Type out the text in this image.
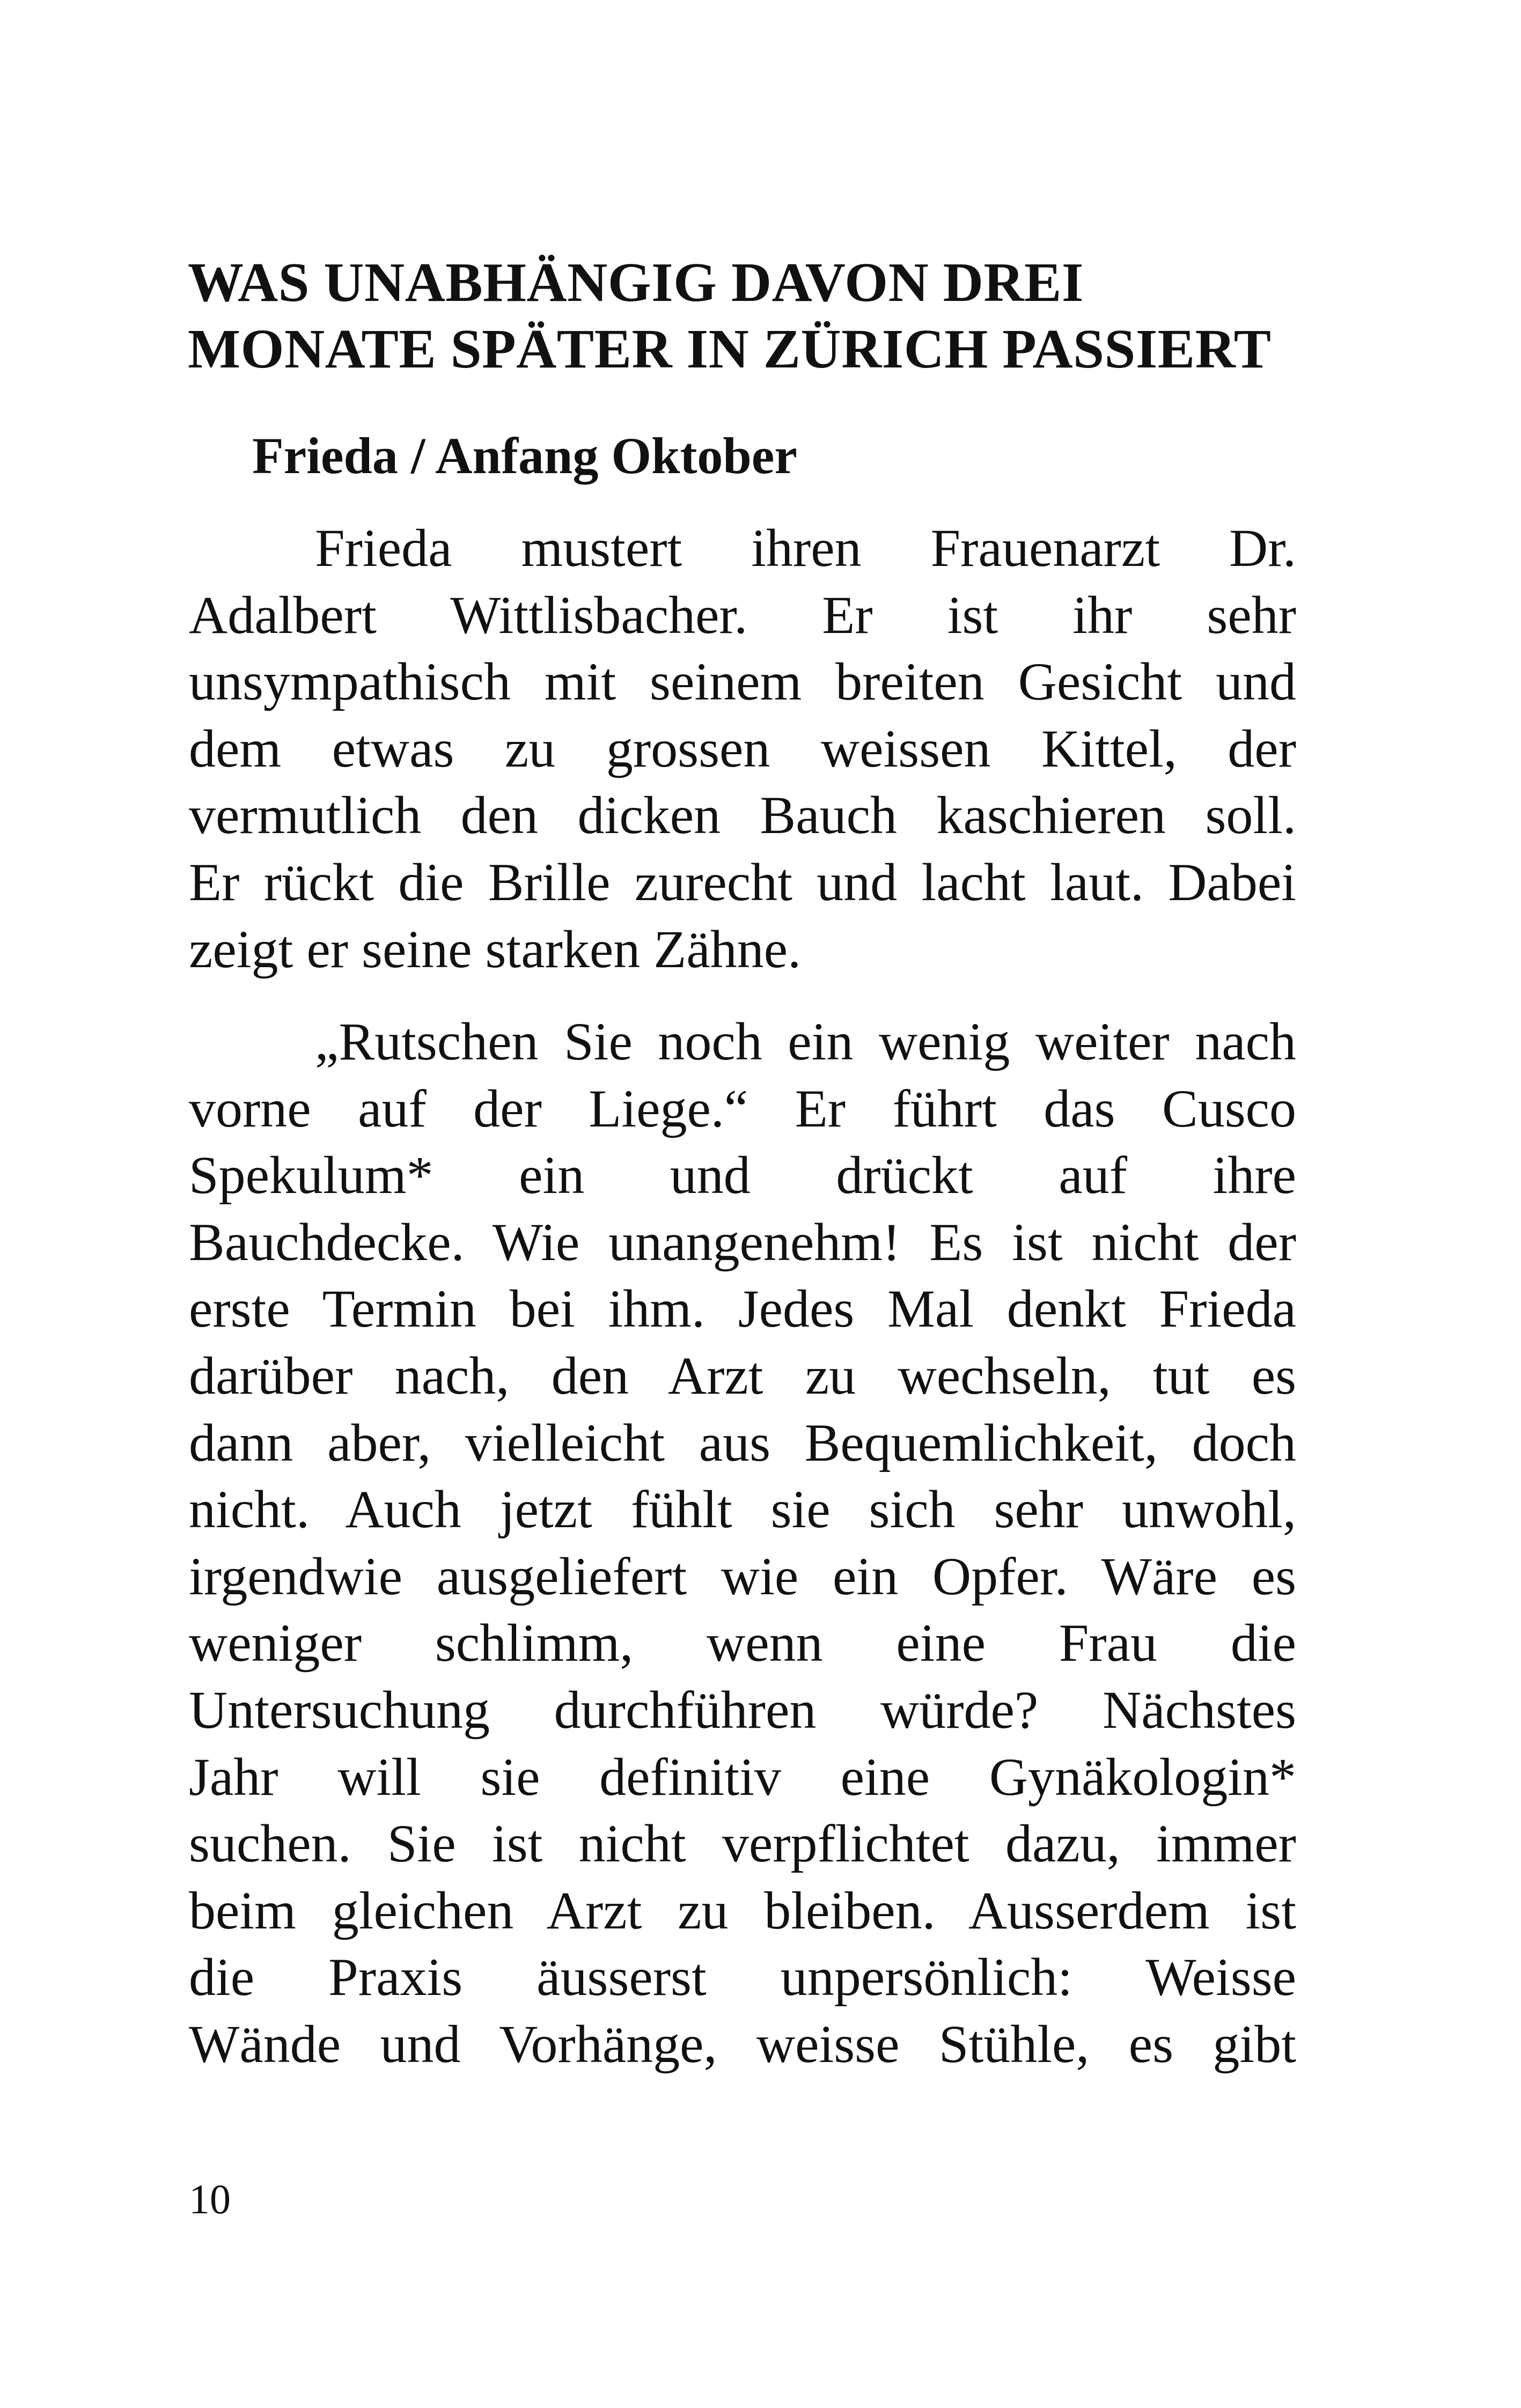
WAS UNABHÄNGIG DAVON DREI
MONATE SPÄTER IN ZÜRICH PASSIERT
Frieda / Anfang Oktober
Frieda mustert ihren Frauenarzt Dr.
Adalbert Wittlisbacher. Er ist ihr sehr
unsympathisch mit seinem breiten Gesicht und
dem etwas zu grossen weissen Kittel, der
vermutlich den dicken Bauch kaschieren soll.
Er rückt die Brille zurecht und lacht laut. Dabei
zeigt er seine starken Zähne.
„Rutschen Sie noch ein wenig weiter nach
vorne auf der Liege.“ Er führt das Cusco
Spekulum* ein und drückt auf ihre
Bauchdecke. Wie unangenehm! Es ist nicht der
erste Termin bei ihm. Jedes Mal denkt Frieda
darüber nach, den Arzt zu wechseln, tut es
dann aber, vielleicht aus Bequemlichkeit, doch
nicht. Auch jetzt fühlt sie sich sehr unwohl,
irgendwie ausgeliefert wie ein Opfer. Wäre es
weniger schlimm, wenn eine Frau die
Untersuchung durchführen würde? Nächstes
Jahr will sie definitiv eine Gynäkologin*
suchen. Sie ist nicht verpflichtet dazu, immer
beim gleichen Arzt zu bleiben. Ausserdem ist
die Praxis äusserst unpersönlich: Weisse
Wände und Vorhänge, weisse Stühle, es gibt
10
